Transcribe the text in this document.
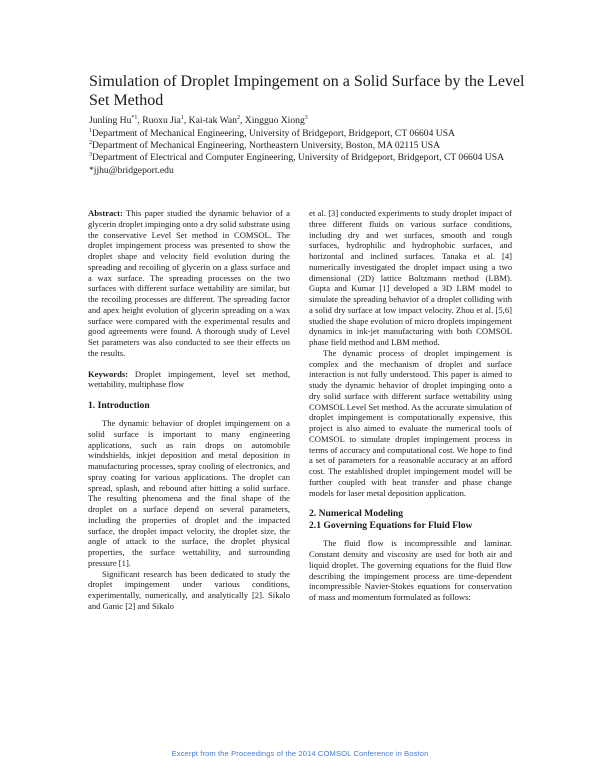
Simulation of Droplet Impingement on a Solid Surface by the Level Set Method
Junling Hu$^{*1}$, Ruoxu Jia$^1$, Kai-tak Wan$^2$, Xingguo Xiong$^3$
$^1$Department of Mechanical Engineering, University of Bridgeport, Bridgeport, CT 06604 USA
$^2$Department of Mechanical Engineering, Northeastern University, Boston, MA 02115 USA
$^3$Department of Electrical and Computer Engineering, University of Bridgeport, Bridgeport, CT 06604 USA
*jjhu@bridgeport.edu

Abstract: This paper studied the dynamic behavior of a glycerin droplet impinging onto a dry solid substrate using the conservative Level Set method in COMSOL. The droplet impingement process was presented to show the droplet shape and velocity field evolution during the spreading and recoiling of glycerin on a glass surface and a wax surface. The spreading processes on the two surfaces with different surface wettability are similar, but the recoiling processes are different. The spreading factor and apex height evolution of glycerin spreading on a wax surface were compared with the experimental results and good agreements were found. A thorough study of Level Set parameters was also conducted to see their effects on the results.

Keywords: Droplet impingement, level set method, wettability, multiphase flow

1. Introduction

The dynamic behavior of droplet impingement on a solid surface is important to many engineering applications, such as rain drops on automobile windshields, inkjet deposition and metal deposition in manufacturing processes, spray cooling of electronics, and spray coating for various applications. The droplet can spread, splash, and rebound after hitting a solid surface. The resulting phenomena and the final shape of the droplet on a surface depend on several parameters, including the properties of droplet and the impacted surface, the droplet impact velocity, the droplet size, the angle of attack to the surface, the droplet physical properties, the surface wettability, and surrounding pressure [1].

Significant research has been dedicated to study the droplet impingement under various conditions, experimentally, numerically, and analytically [2]. Sikalo and Ganic [2] and Sikalo

et al. [3] conducted experiments to study droplet impact of three different fluids on various surface conditions, including dry and wet surfaces, smooth and rough surfaces, hydrophilic and hydrophobic surfaces, and horizontal and inclined surfaces. Tanaka et al. [4] numerically investigated the droplet impact using a two dimensional (2D) lattice Boltzmann method (LBM). Gupta and Kumar [1] developed a 3D LBM model to simulate the spreading behavior of a droplet colliding with a solid dry surface at low impact velocity. Zhou et al. [5,6] studied the shape evolution of micro droplets impingement dynamics in ink-jet manufacturing with both COMSOL phase field method and LBM method.

The dynamic process of droplet impingement is complex and the mechanism of droplet and surface interaction is not fully understood. This paper is aimed to study the dynamic behavior of droplet impinging onto a dry solid surface with different surface wettability using COMSOL Level Set method. As the accurate simulation of droplet impingement is computationally expensive, this project is also aimed to evaluate the numerical tools of COMSOL to simulate droplet impingement process in terms of accuracy and computational cost. We hope to find a set of parameters for a reasonable accuracy at an afford cost. The established droplet impingement model will be further coupled with heat transfer and phase change models for laser metal deposition application.

2. Numerical Modeling

2.1 Governing Equations for Fluid Flow

The fluid flow is incompressible and laminar. Constant density and viscosity are used for both air and liquid droplet. The governing equations for the fluid flow describing the impingement process are time-dependent incompressible Navier-Stokes equations for conservation of mass and momentum formulated as follows:

Excerpt from the Proceedings of the 2014 COMSOL Conference in Boston
